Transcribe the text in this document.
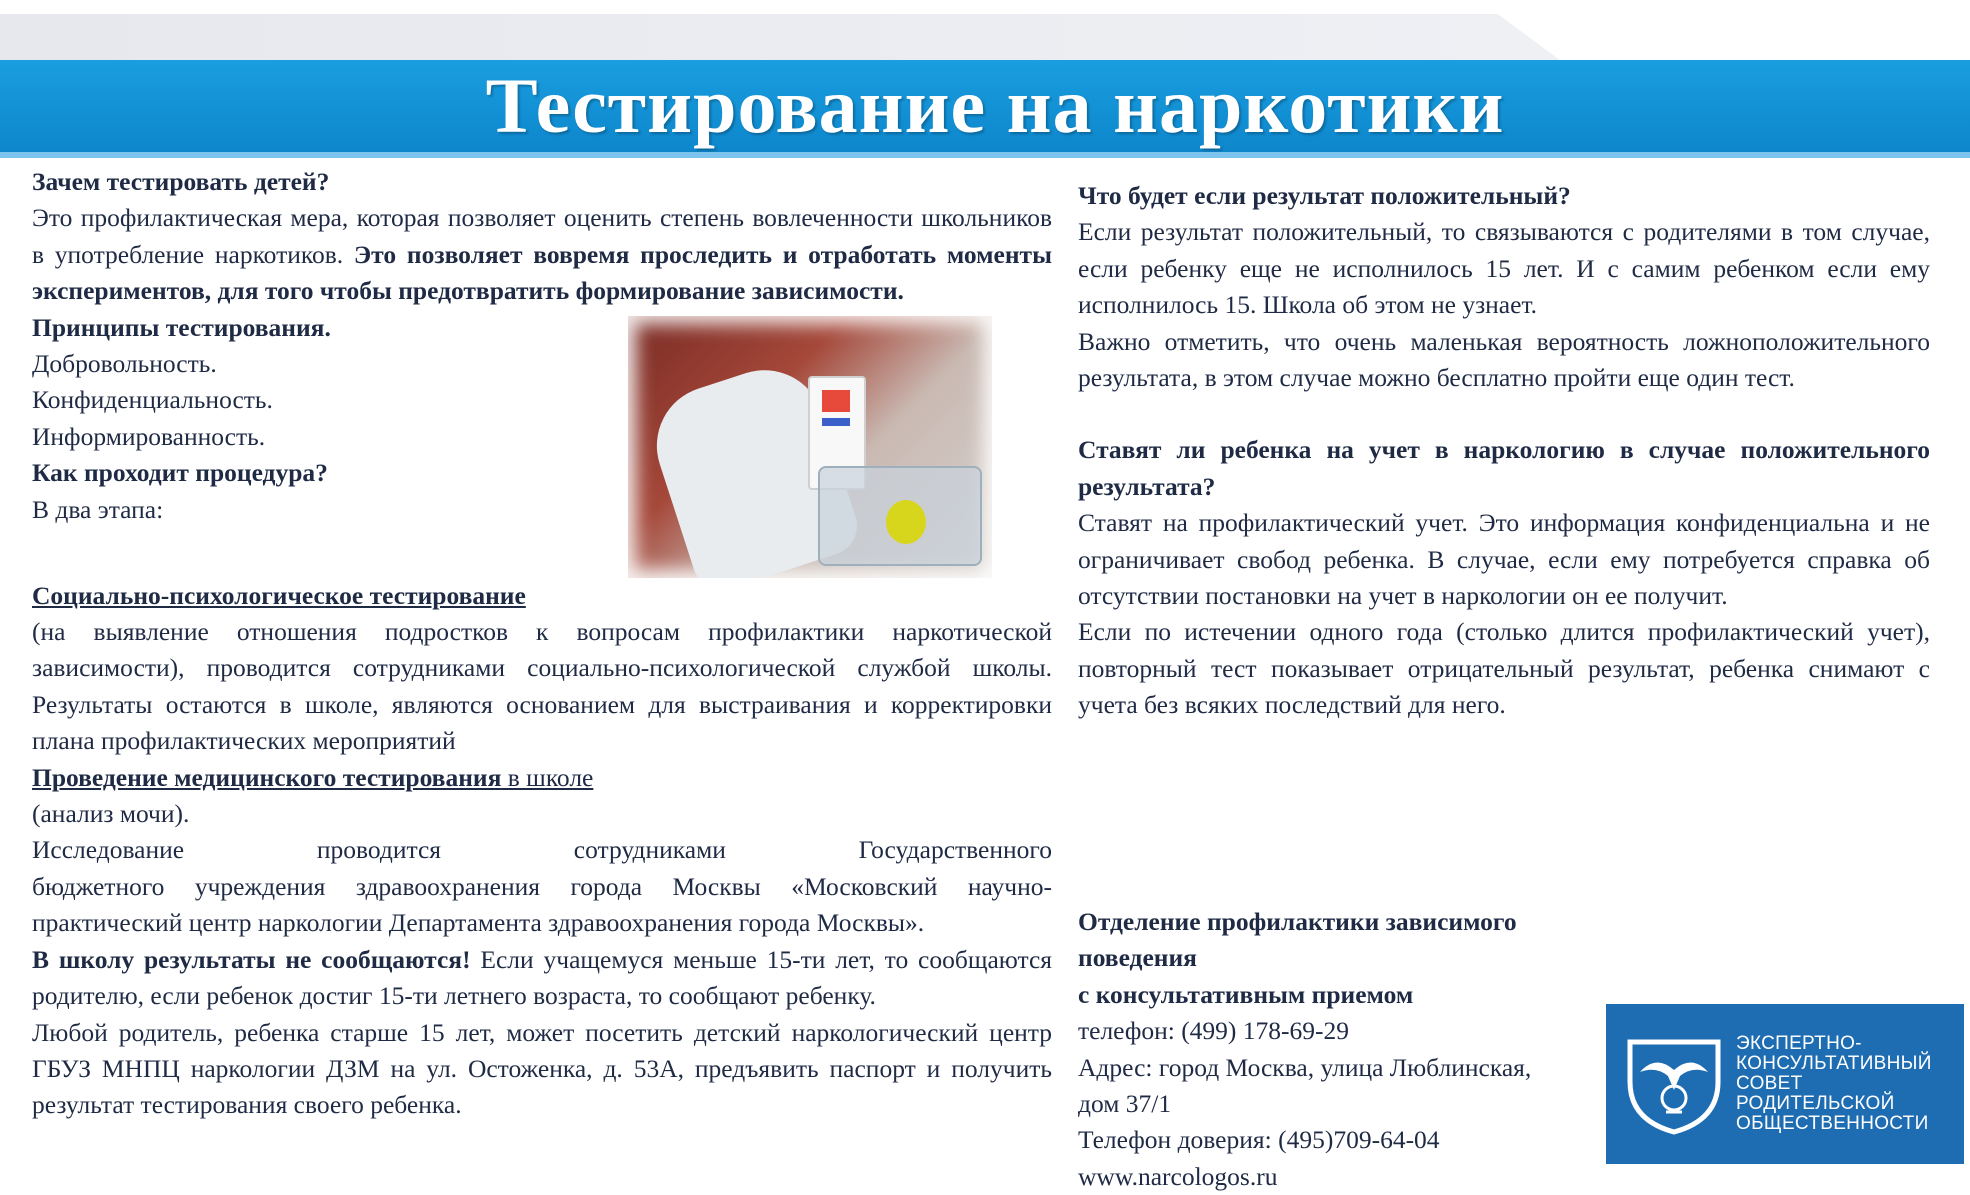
Тестирование на наркотики

Зачем тестировать детей?

Это профилактическая мера, которая позволяет оценить степень вовлеченности школьников в употребление наркотиков. Это позволяет вовремя проследить и отработать моменты экспериментов, для того чтобы предотвратить формирование зависимости.

Принципы тестирования.

Добровольность.

Конфиденциальность.

Информированность.

Как проходит процедура?

В два этапа:

Социально-психологическое тестирование

(на выявление отношения подростков к вопросам профилактики наркотической зависимости), проводится сотрудниками социально-психологической службой школы. Результаты остаются в школе, являются основанием для выстраивания и корректировки плана профилактических мероприятий

Проведение медицинского тестирования в школе

(анализ мочи).

Исследование проводится сотрудниками Государственного

бюджетного учреждения здравоохранения города Москвы «Московский научно-практический центр наркологии Департамента здравоохранения города Москвы».

В школу результаты не сообщаются! Если учащемуся меньше 15-ти лет, то сообщаются родителю, если ребенок достиг 15-ти летнего возраста, то сообщают ребенку.

Любой родитель, ребенка старше 15 лет, может посетить детский наркологический центр ГБУЗ МНПЦ наркологии ДЗМ на ул. Остоженка, д. 53А, предъявить паспорт и получить результат тестирования своего ребенка.

Что будет если результат положительный?

Если результат положительный, то связываются с родителями в том случае, если ребенку еще не исполнилось 15 лет. И с самим ребенком если ему исполнилось 15. Школа об этом не узнает.

Важно отметить, что очень маленькая вероятность ложноположительного результата, в этом случае можно бесплатно пройти еще один тест.

Ставят ли ребенка на учет в наркологию в случае положительного результата?

Ставят на профилактический учет. Это информация конфиденциальна и не ограничивает свобод ребенка. В случае, если ему потребуется справка об отсутствии постановки на учет в наркологии он ее получит.

Если по истечении одного года (столько длится профилактический учет), повторный тест показывает отрицательный результат, ребенка снимают с учета без всяких последствий для него.

Отделение профилактики зависимого поведения

с консультативным приемом

телефон: (499) 178-69-29

Адрес: город Москва, улица Люблинская,

дом 37/1

Телефон доверия: (495)709-64-04

www.narcologos.ru

ЭКСПЕРТНО-
КОНСУЛЬТАТИВНЫЙ
СОВЕТ
РОДИТЕЛЬСКОЙ
ОБЩЕСТВЕННОСТИ
